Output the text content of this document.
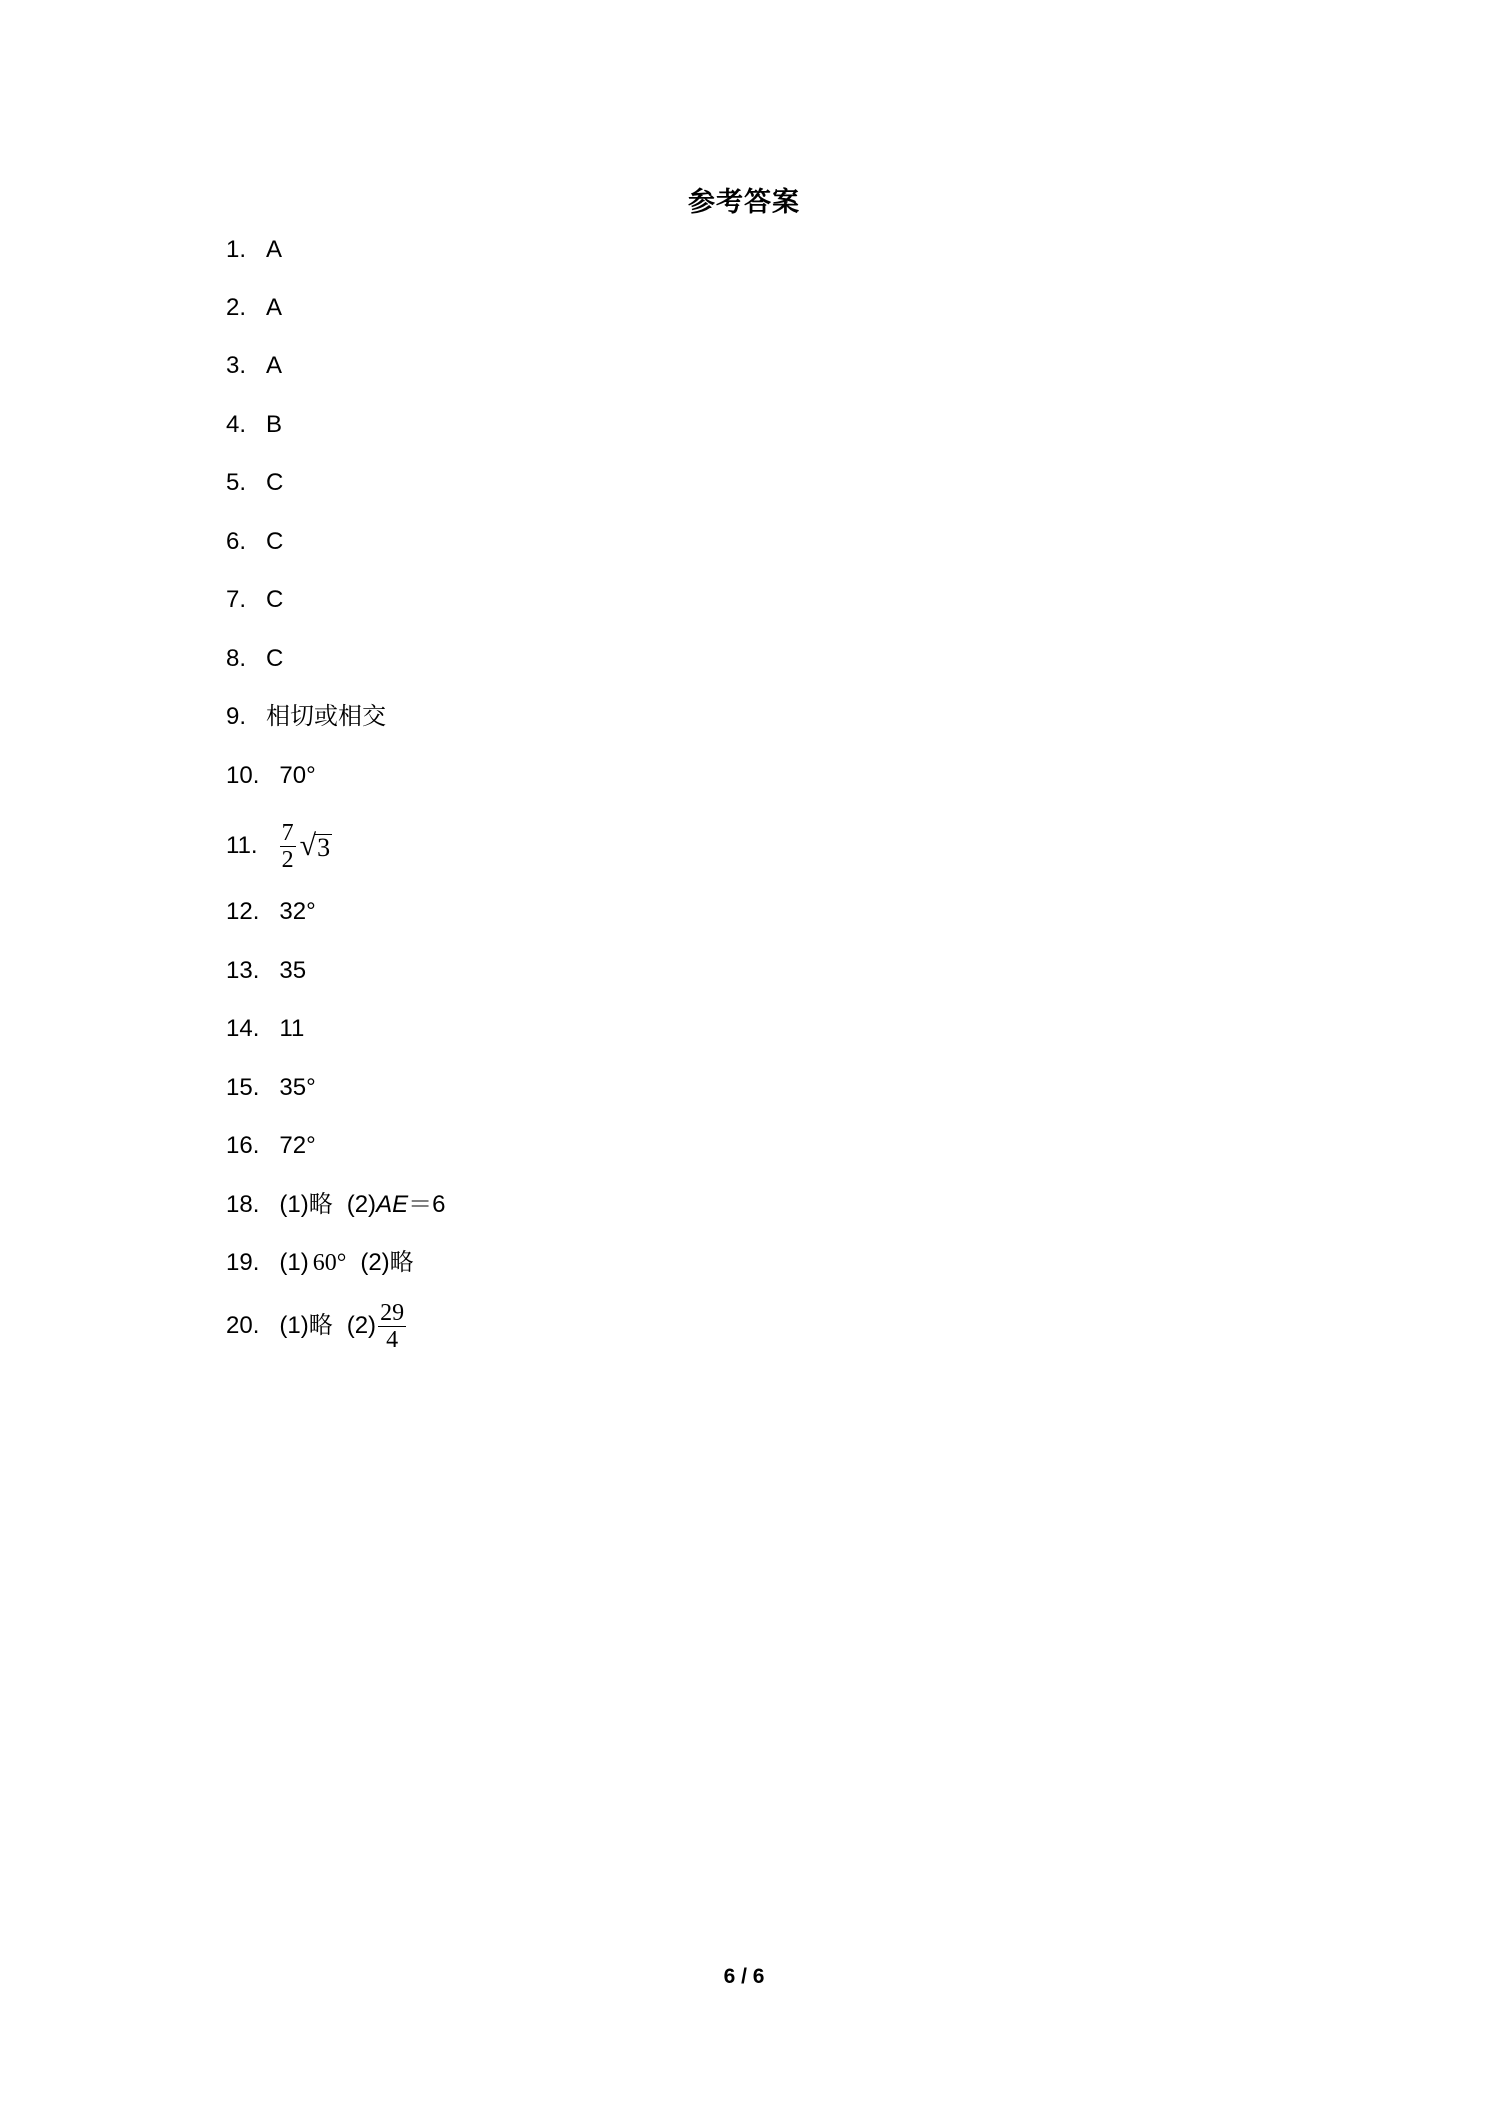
参考答案
1. A
2. A
3. A
4. B
5. C
6. C
7. C
8. C
9. 相切或相交
10. 70°
11. $\frac{7}{2}$ √ 3
12. 32°
13. 35
14. 11
15. 35°
16. 72°
18. (1)略 (2) AE ＝6
19. (1) 60° (2)略
20. (1)略 $(2) \frac{29}{4}$
6 / 6
